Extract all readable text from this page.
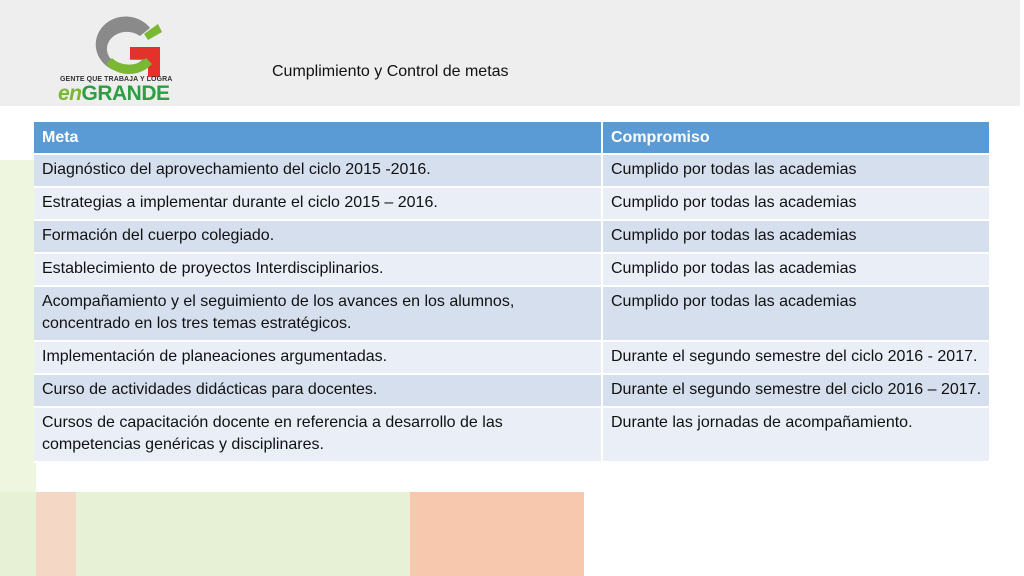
GENTE QUE TRABAJA Y LOGRA
enGRANDE
Cumplimiento y Control de metas
Meta	Compromiso
Diagnóstico del aprovechamiento del ciclo 2015 -2016.	Cumplido por todas las academias
Estrategias a implementar durante el ciclo 2015 – 2016.	Cumplido por todas las academias
Formación del cuerpo colegiado.	Cumplido por todas las academias
Establecimiento de proyectos Interdisciplinarios.	Cumplido por todas las academias
Acompañamiento y el seguimiento de los avances en los alumnos, concentrado en los tres temas estratégicos.	Cumplido por todas las academias
Implementación de planeaciones argumentadas.	Durante el segundo semestre del ciclo 2016 - 2017.
Curso de actividades didácticas para docentes.	Durante el segundo semestre del ciclo 2016 – 2017.
Cursos de capacitación docente en referencia a desarrollo de las competencias genéricas y disciplinares.	Durante las jornadas de acompañamiento.
